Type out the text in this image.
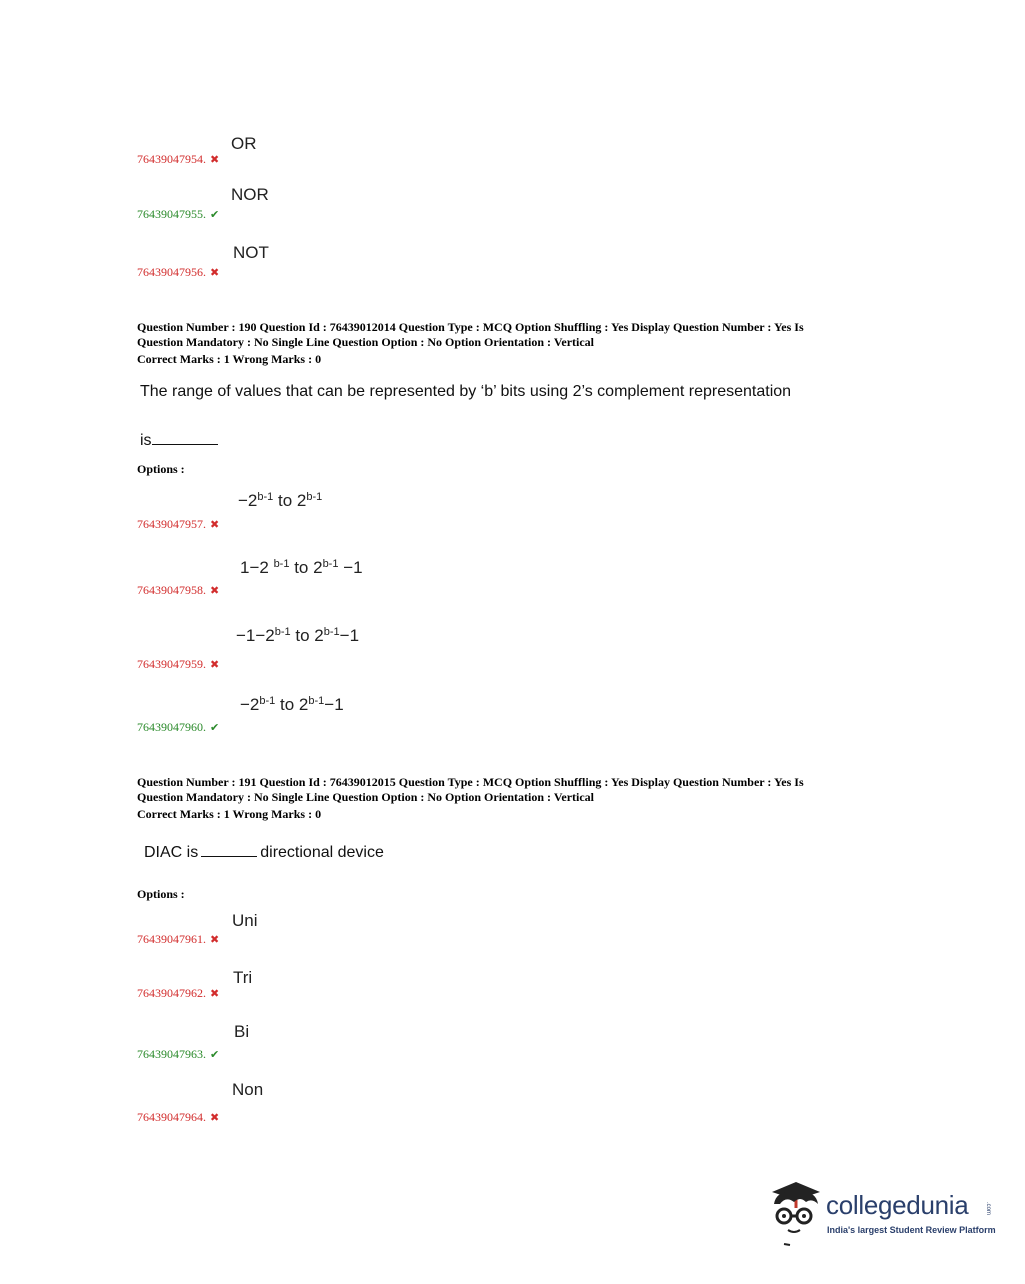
OR
76439047954. ✖
NOR
76439047955. ✔
NOT
76439047956. ✖
Question Number : 190 Question Id : 76439012014 Question Type : MCQ Option Shuffling : Yes Display Question Number : Yes Is
Question Mandatory : No Single Line Question Option : No Option Orientation : Vertical
Correct Marks : 1 Wrong Marks : 0
The range of values that can be represented by ‘b’ bits using 2’s complement representation
is
Options :
$-2^{b-1}$ to 2$^{b-1}$
76439047957. ✖
1−2 $^{b-1}$ to $2^{b-1} -1$
76439047958. ✖
$-1-2^{b-1}$ to $2^{b-1}-1$
76439047959. ✖
$-2^{b-1}$ to $2^{b-1}-1$
76439047960. ✔
Question Number : 191 Question Id : 76439012015 Question Type : MCQ Option Shuffling : Yes Display Question Number : Yes Is
Question Mandatory : No Single Line Question Option : No Option Orientation : Vertical
Correct Marks : 1 Wrong Marks : 0
DIAC is	directional device
Options :
Uni
76439047961. ✖
Tri
76439047962. ✖
Bi
76439047963. ✔
Non
76439047964. ✖
collegedunia	.com
India's largest Student Review Platform
